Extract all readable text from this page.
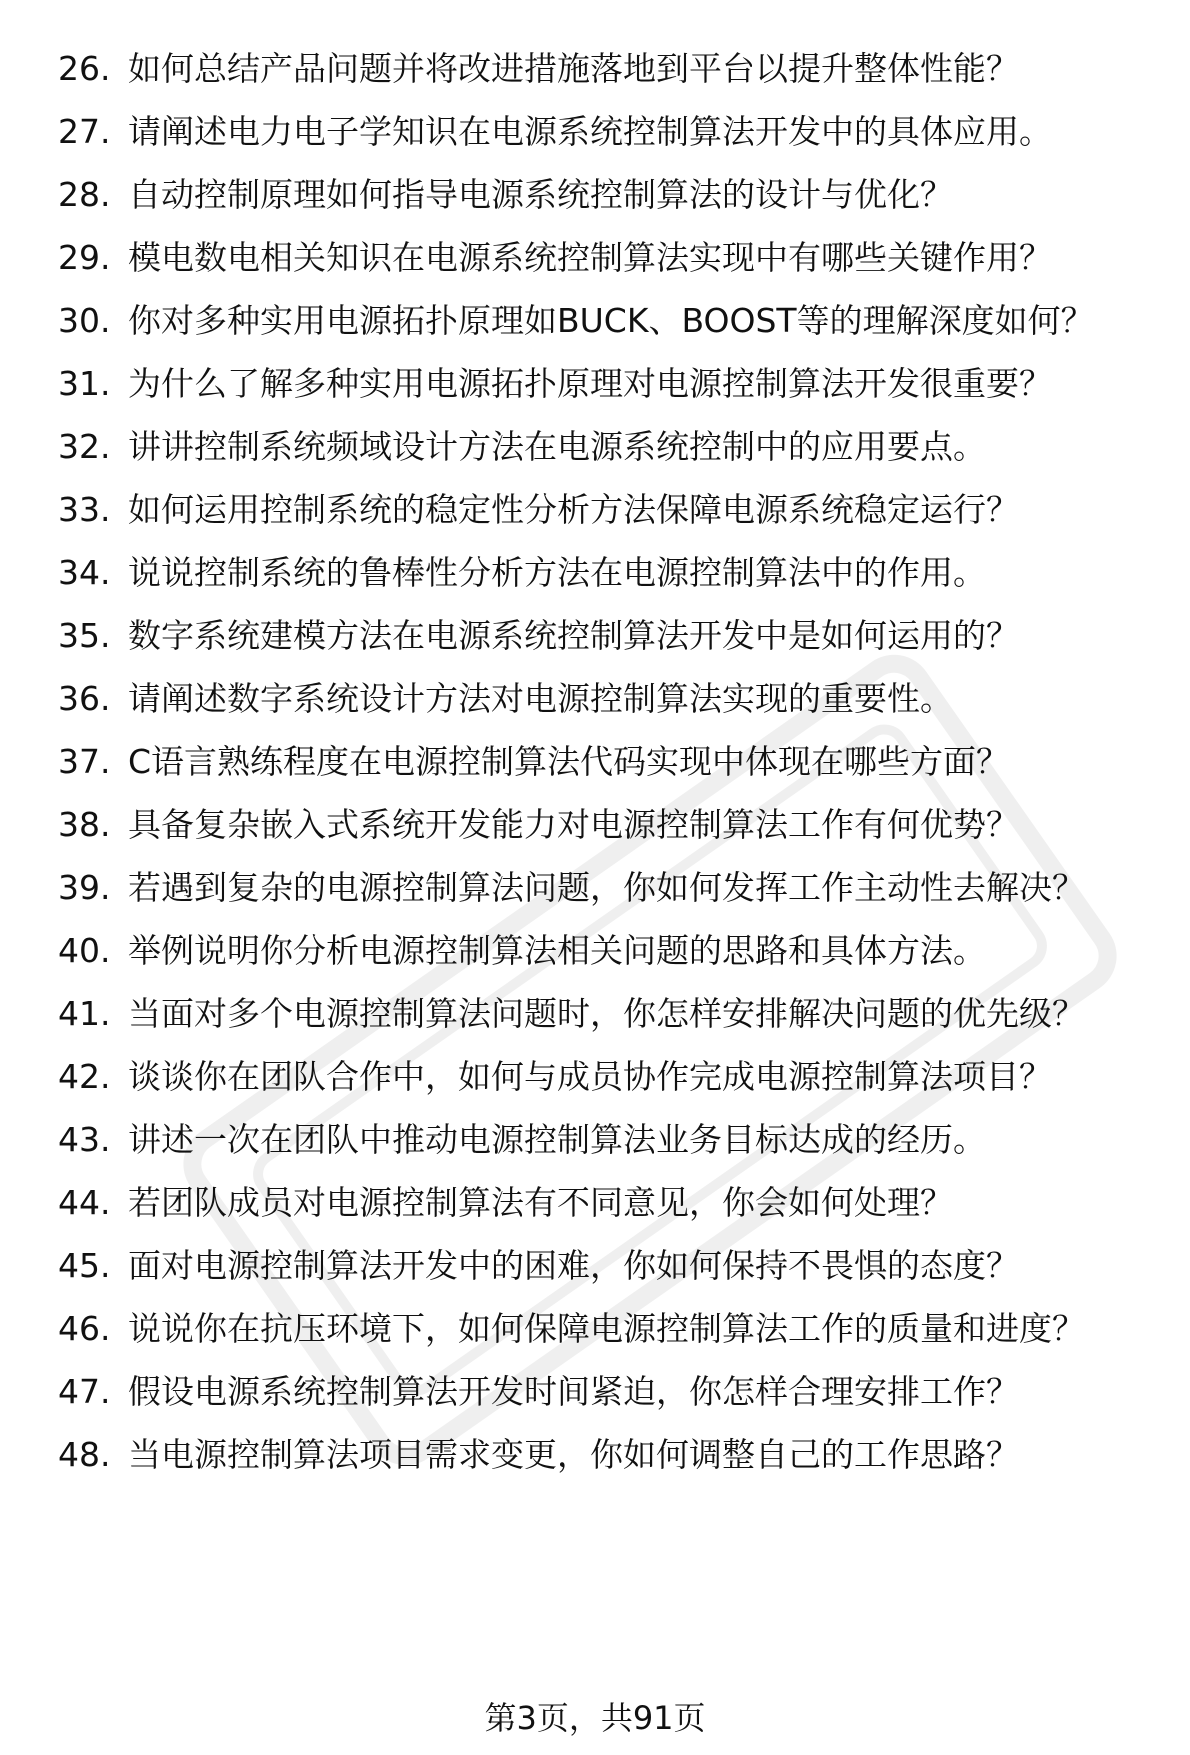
26. 如何总结产品问题并将改进措施落地到平台以提升整体性能？
27. 请阐述电力电子学知识在电源系统控制算法开发中的具体应用。
28. 自动控制原理如何指导电源系统控制算法的设计与优化？
29. 模电数电相关知识在电源系统控制算法实现中有哪些关键作用？
30. 你对多种实用电源拓扑原理如BUCK、BOOST等的理解深度如何？
31. 为什么了解多种实用电源拓扑原理对电源控制算法开发很重要？
32. 讲讲控制系统频域设计方法在电源系统控制中的应用要点。
33. 如何运用控制系统的稳定性分析方法保障电源系统稳定运行？
34. 说说控制系统的鲁棒性分析方法在电源控制算法中的作用。
35. 数字系统建模方法在电源系统控制算法开发中是如何运用的？
36. 请阐述数字系统设计方法对电源控制算法实现的重要性。
37. C语言熟练程度在电源控制算法代码实现中体现在哪些方面？
38. 具备复杂嵌入式系统开发能力对电源控制算法工作有何优势？
39. 若遇到复杂的电源控制算法问题，你如何发挥工作主动性去解决？
40. 举例说明你分析电源控制算法相关问题的思路和具体方法。
41. 当面对多个电源控制算法问题时，你怎样安排解决问题的优先级？
42. 谈谈你在团队合作中，如何与成员协作完成电源控制算法项目？
43. 讲述一次在团队中推动电源控制算法业务目标达成的经历。
44. 若团队成员对电源控制算法有不同意见，你会如何处理？
45. 面对电源控制算法开发中的困难，你如何保持不畏惧的态度？
46. 说说你在抗压环境下，如何保障电源控制算法工作的质量和进度？
47. 假设电源系统控制算法开发时间紧迫，你怎样合理安排工作？
48. 当电源控制算法项目需求变更，你如何调整自己的工作思路？
第3页，共91页
